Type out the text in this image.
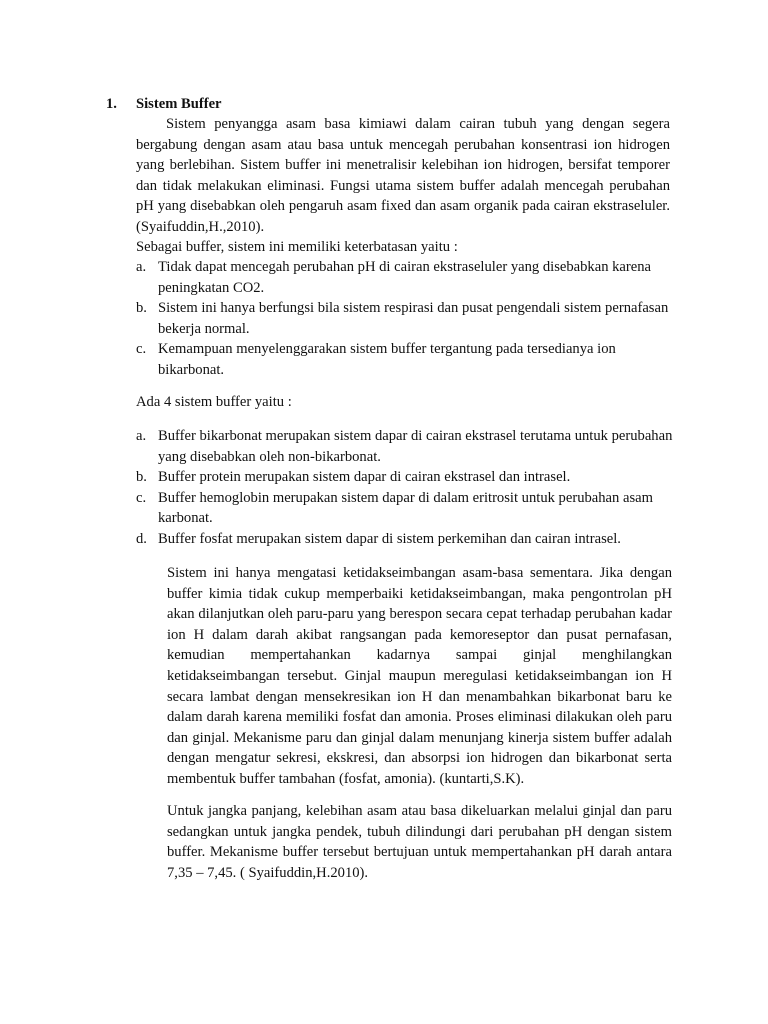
1. Sistem Buffer

Sistem penyangga asam basa kimiawi dalam cairan tubuh yang dengan segera bergabung dengan asam atau basa untuk mencegah perubahan konsentrasi ion hidrogen yang berlebihan. Sistem buffer ini menetralisir kelebihan ion hidrogen, bersifat temporer dan tidak melakukan eliminasi. Fungsi utama sistem buffer adalah mencegah perubahan pH yang disebabkan oleh pengaruh asam fixed dan asam organik pada cairan ekstraseluler. (Syaifuddin,H.,2010).

Sebagai buffer, sistem ini memiliki keterbatasan yaitu :

a. Tidak dapat mencegah perubahan pH di cairan ekstraseluler yang disebabkan karena peningkatan CO2.
b. Sistem ini hanya berfungsi bila sistem respirasi dan pusat pengendali sistem pernafasan bekerja normal.
c. Kemampuan menyelenggarakan sistem buffer tergantung pada tersedianya ion bikarbonat.
Ada 4 sistem buffer yaitu :
a. Buffer bikarbonat merupakan sistem dapar di cairan ekstrasel terutama untuk perubahan yang disebabkan oleh non-bikarbonat.
b. Buffer protein merupakan sistem dapar di cairan ekstrasel dan intrasel.
c. Buffer hemoglobin merupakan sistem dapar di dalam eritrosit untuk perubahan asam karbonat.
d. Buffer fosfat merupakan sistem dapar di sistem perkemihan dan cairan intrasel.

Sistem ini hanya mengatasi ketidakseimbangan asam-basa sementara. Jika dengan buffer kimia tidak cukup memperbaiki ketidakseimbangan, maka pengontrolan pH akan dilanjutkan oleh paru-paru yang berespon secara cepat terhadap perubahan kadar ion H dalam darah akibat rangsangan pada kemoreseptor dan pusat pernafasan, kemudian mempertahankan kadarnya sampai ginjal menghilangkan ketidakseimbangan tersebut. Ginjal maupun meregulasi ketidakseimbangan ion H secara lambat dengan mensekresikan ion H dan menambahkan bikarbonat baru ke dalam darah karena memiliki fosfat dan amonia. Proses eliminasi dilakukan oleh paru dan ginjal. Mekanisme paru dan ginjal dalam menunjang kinerja sistem buffer adalah dengan mengatur sekresi, ekskresi, dan absorpsi ion hidrogen dan bikarbonat serta membentuk buffer tambahan (fosfat, amonia). (kuntarti,S.K).

Untuk jangka panjang, kelebihan asam atau basa dikeluarkan melalui ginjal dan paru sedangkan untuk jangka pendek, tubuh dilindungi dari perubahan pH dengan sistem buffer. Mekanisme buffer tersebut bertujuan untuk mempertahankan pH darah antara 7,35 – 7,45. ( Syaifuddin,H.2010).
